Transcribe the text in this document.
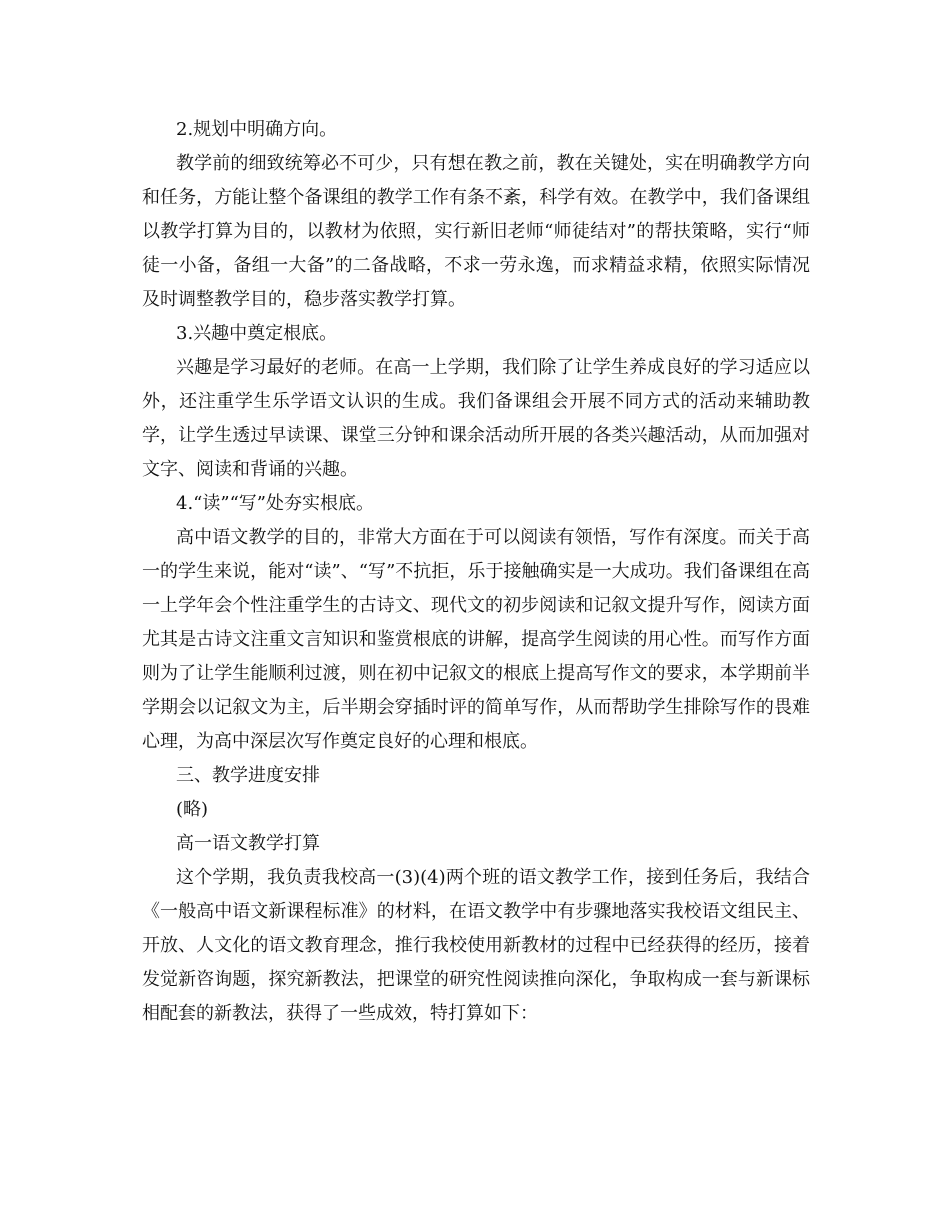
2.规划中明确方向。

教学前的细致统筹必不可少，只有想在教之前，教在关键处，实在明确教学方向和任务，方能让整个备课组的教学工作有条不紊，科学有效。在教学中，我们备课组以教学打算为目的，以教材为依照，实行新旧老师“师徒结对”的帮扶策略，实行“师徒一小备，备组一大备”的二备战略，不求一劳永逸，而求精益求精，依照实际情况及时调整教学目的，稳步落实教学打算。

3.兴趣中奠定根底。

兴趣是学习最好的老师。在高一上学期，我们除了让学生养成良好的学习适应以外，还注重学生乐学语文认识的生成。我们备课组会开展不同方式的活动来辅助教学，让学生透过早读课、课堂三分钟和课余活动所开展的各类兴趣活动，从而加强对文字、阅读和背诵的兴趣。

4.“读”“写”处夯实根底。

高中语文教学的目的，非常大方面在于可以阅读有领悟，写作有深度。而关于高一的学生来说，能对“读”、“写”不抗拒，乐于接触确实是一大成功。我们备课组在高一上学年会个性注重学生的古诗文、现代文的初步阅读和记叙文提升写作，阅读方面尤其是古诗文注重文言知识和鉴赏根底的讲解，提高学生阅读的用心性。而写作方面则为了让学生能顺利过渡，则在初中记叙文的根底上提高写作文的要求，本学期前半学期会以记叙文为主，后半期会穿插时评的简单写作，从而帮助学生排除写作的畏难心理，为高中深层次写作奠定良好的心理和根底。

三、教学进度安排

(略)

高一语文教学打算

这个学期，我负责我校高一(3)(4)两个班的语文教学工作，接到任务后，我结合《一般高中语文新课程标准》的材料，在语文教学中有步骤地落实我校语文组民主、开放、人文化的语文教育理念，推行我校使用新教材的过程中已经获得的经历，接着发觉新咨询题，探究新教法，把课堂的研究性阅读推向深化，争取构成一套与新课标相配套的新教法，获得了一些成效，特打算如下：
